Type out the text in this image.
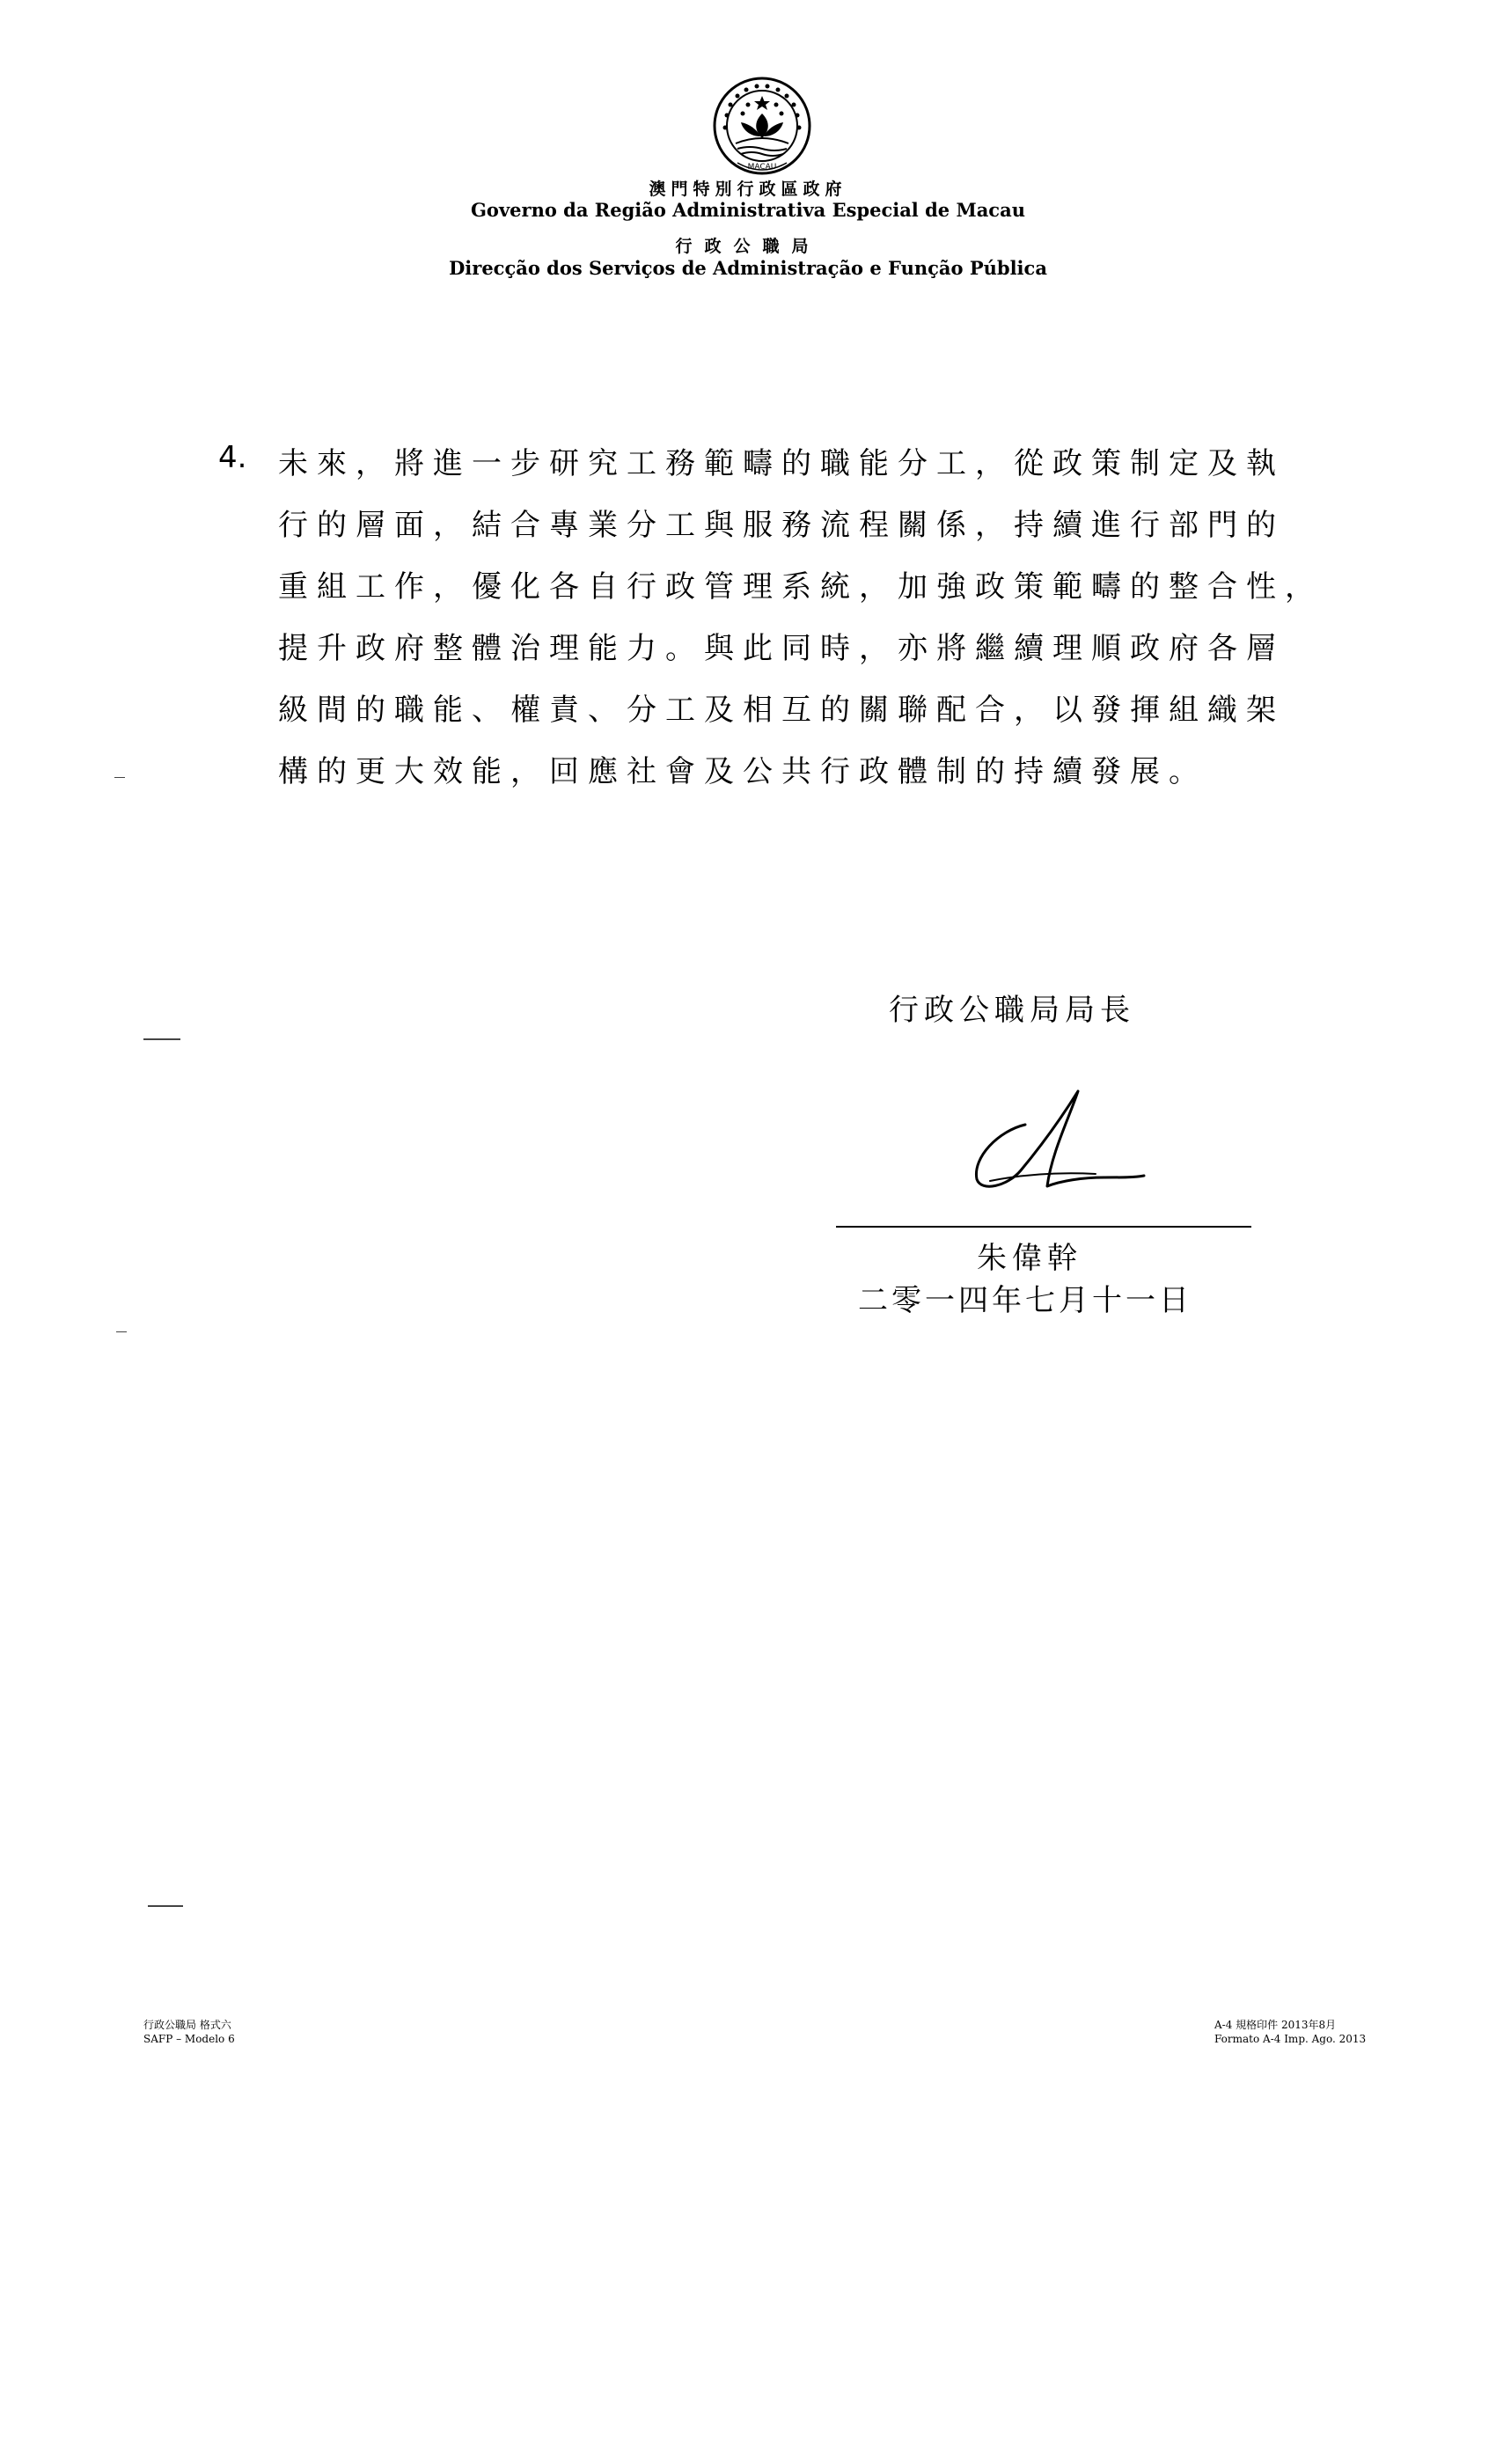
MACAU
澳門特別行政區政府
Governo da Região Administrativa Especial de Macau
行政公職局
Direcção dos Serviços de Administração e Função Pública
4. 未來，將進一步研究工務範疇的職能分工，從政策制定及執
行的層面，結合專業分工與服務流程關係，持續進行部門的
重組工作，優化各自行政管理系統，加強政策範疇的整合性，
提升政府整體治理能力。與此同時，亦將繼續理順政府各層
級間的職能、權責、分工及相互的關聯配合，以發揮組織架
構的更大效能，回應社會及公共行政體制的持續發展。
行政公職局局長
朱偉幹
二零一四年七月十一日
行政公職局 格式六
SAFP – Modelo 6
A-4 規格印件 2013年8月
Formato A-4 Imp. Ago. 2013
